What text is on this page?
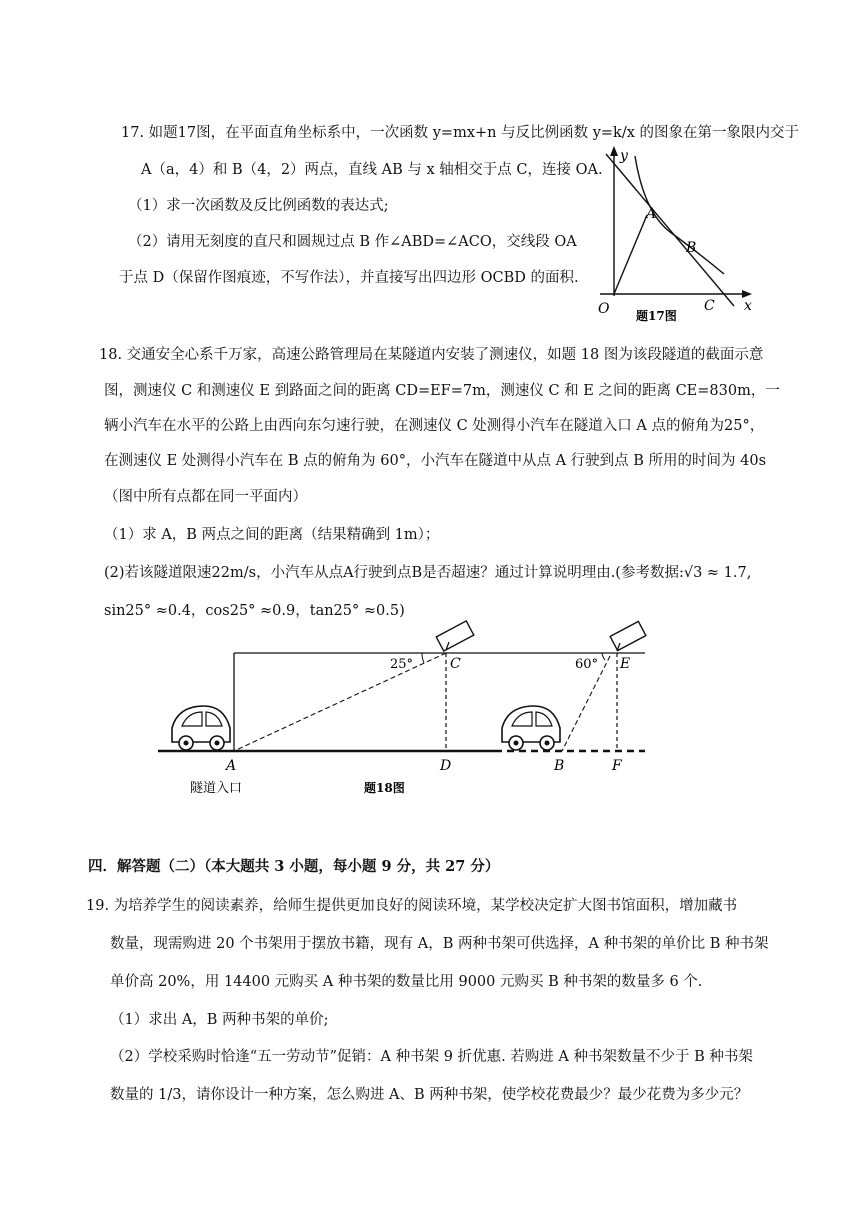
17. 如题17图，在平面直角坐标系中，一次函数 y=mx+n 与反比例函数 y=k/x 的图象在第一象限内交于
A（a，4）和 B（4，2）两点，直线 AB 与 x 轴相交于点 C，连接 OA.
（1）求一次函数及反比例函数的表达式;
（2）请用无刻度的直尺和圆规过点 B 作∠ABD=∠ACO，交线段 OA
于点 D（保留作图痕迹，不写作法），并直接写出四边形 OCBD 的面积.
y
x
O
A
B
C
题17图
18. 交通安全心系千万家，高速公路管理局在某隧道内安装了测速仪，如题 18 图为该段隧道的截面示意
图，测速仪 C 和测速仪 E 到路面之间的距离 CD=EF=7m，测速仪 C 和 E 之间的距离 CE=830m，一
辆小汽车在水平的公路上由西向东匀速行驶，在测速仪 C 处测得小汽车在隧道入口 A 点的俯角为25°，
在测速仪 E 处测得小汽车在 B 点的俯角为 60°，小汽车在隧道中从点 A 行驶到点 B 所用的时间为 40s
（图中所有点都在同一平面内）
（1）求 A，B 两点之间的距离（结果精确到 1m）；
(2)若该隧道限速22m/s，小汽车从点A行驶到点B是否超速？通过计算说明理由.(参考数据:√3 ≈ 1.7,
sin25° ≈0.4，cos25° ≈0.9，tan25° ≈0.5)
25°	60°
C	E
A	D	B	F
隧道入口	题18图
四．解答题（二）（本大题共 3 小题，每小题 9 分，共 27 分）
19. 为培养学生的阅读素养，给师生提供更加良好的阅读环境，某学校决定扩大图书馆面积，增加藏书
数量，现需购进 20 个书架用于摆放书籍，现有 A，B 两种书架可供选择，A 种书架的单价比 B 种书架
单价高 20%，用 14400 元购买 A 种书架的数量比用 9000 元购买 B 种书架的数量多 6 个.
（1）求出 A，B 两种书架的单价;
（2）学校采购时恰逢“五一劳动节”促销：A 种书架 9 折优惠. 若购进 A 种书架数量不少于 B 种书架
数量的 1/3，请你设计一种方案，怎么购进 A、B 两种书架，使学校花费最少？最少花费为多少元？
